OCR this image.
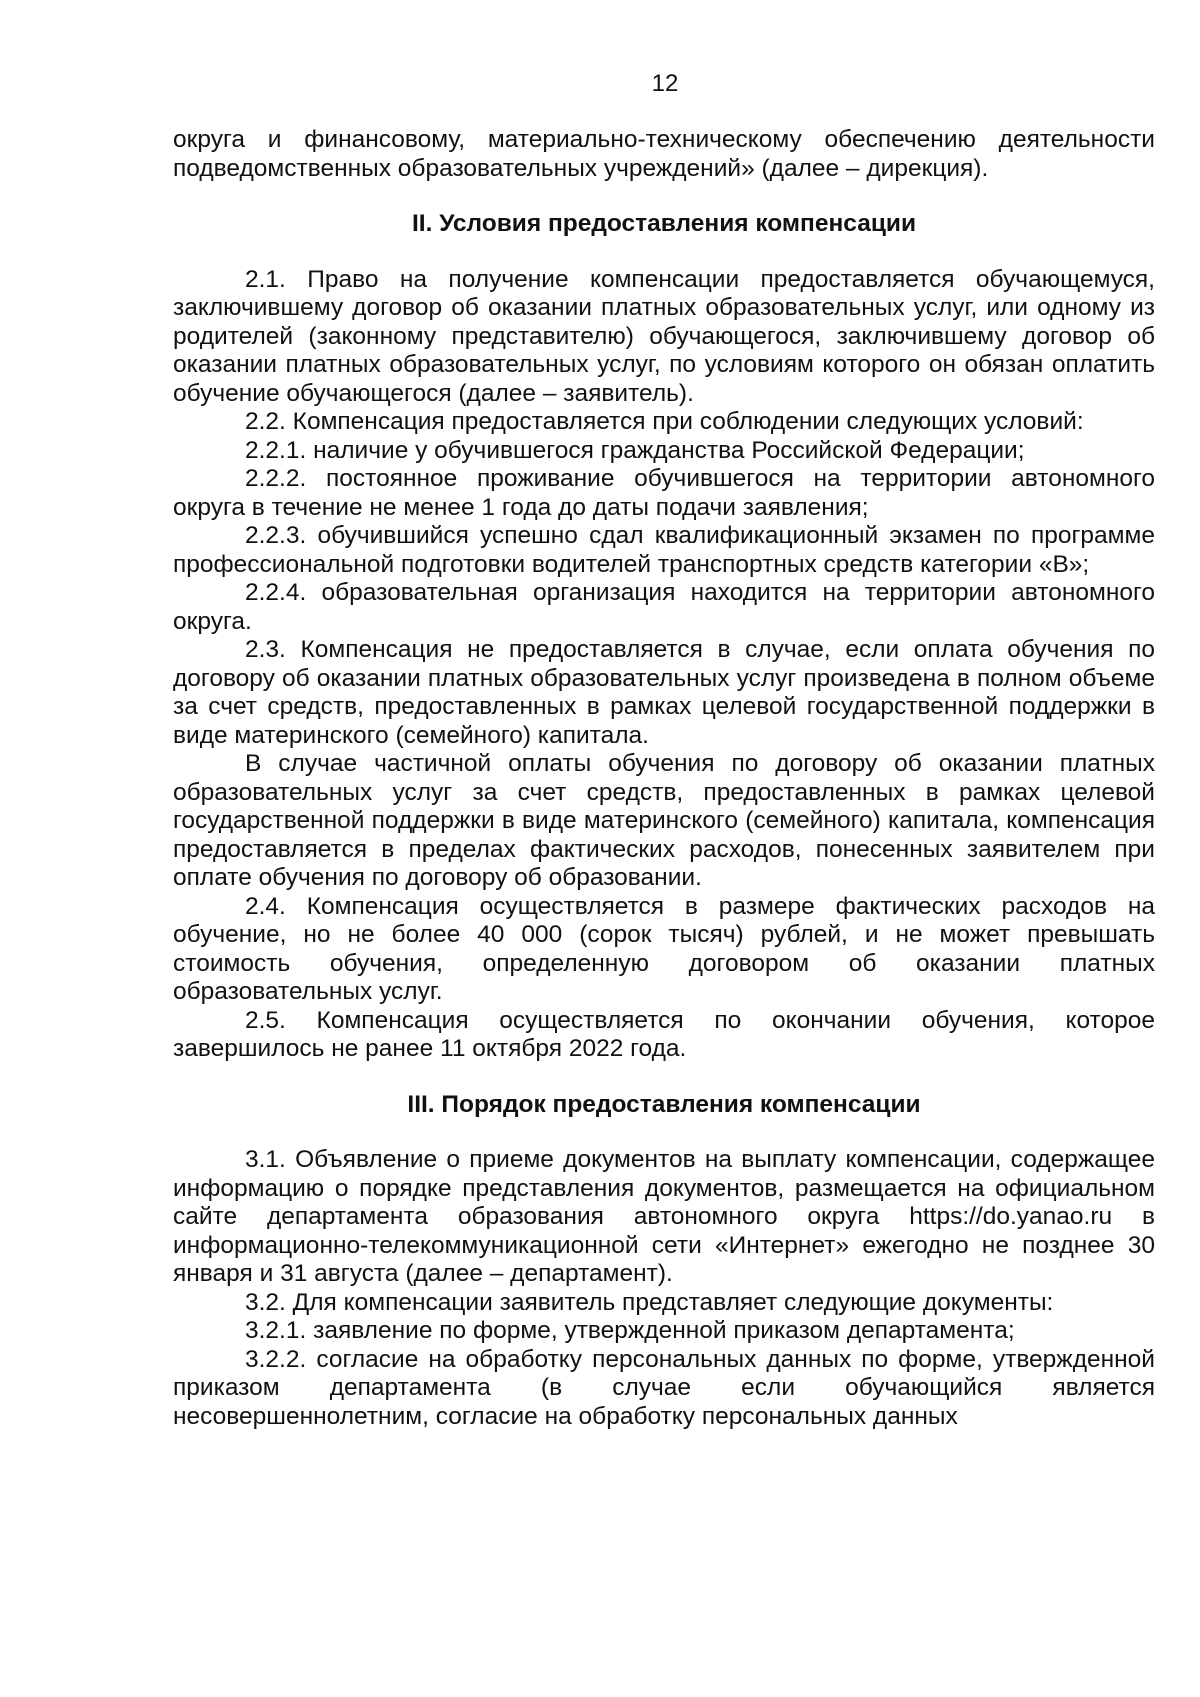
12

округа и финансовому, материально-техническому обеспечению деятельности подведомственных образовательных учреждений» (далее – дирекция).

II. Условия предоставления компенсации

2.1. Право на получение компенсации предоставляется обучающемуся, заключившему договор об оказании платных образовательных услуг, или одному из родителей (законному представителю) обучающегося, заключившему договор об оказании платных образовательных услуг, по условиям которого он обязан оплатить обучение обучающегося (далее – заявитель).

2.2. Компенсация предоставляется при соблюдении следующих условий:

2.2.1. наличие у обучившегося гражданства Российской Федерации;

2.2.2. постоянное проживание обучившегося на территории автономного округа в течение не менее 1 года до даты подачи заявления;

2.2.3. обучившийся успешно сдал квалификационный экзамен по программе профессиональной подготовки водителей транспортных средств категории «В»;

2.2.4. образовательная организация находится на территории автономного округа.

2.3. Компенсация не предоставляется в случае, если оплата обучения по договору об оказании платных образовательных услуг произведена в полном объеме за счет средств, предоставленных в рамках целевой государственной поддержки в виде материнского (семейного) капитала.

В случае частичной оплаты обучения по договору об оказании платных образовательных услуг за счет средств, предоставленных в рамках целевой государственной поддержки в виде материнского (семейного) капитала, компенсация предоставляется в пределах фактических расходов, понесенных заявителем при оплате обучения по договору об образовании.

2.4. Компенсация осуществляется в размере фактических расходов на обучение, но не более 40 000 (сорок тысяч) рублей, и не может превышать стоимость обучения, определенную договором об оказании платных образовательных услуг.

2.5. Компенсация осуществляется по окончании обучения, которое завершилось не ранее 11 октября 2022 года.

III. Порядок предоставления компенсации

3.1. Объявление о приеме документов на выплату компенсации, содержащее информацию о порядке представления документов, размещается на официальном сайте департамента образования автономного округа https://do.yanao.ru в информационно-телекоммуникационной сети «Интернет» ежегодно не позднее 30 января и 31 августа (далее – департамент).

3.2. Для компенсации заявитель представляет следующие документы:

3.2.1. заявление по форме, утвержденной приказом департамента;

3.2.2. согласие на обработку персональных данных по форме, утвержденной приказом департамента (в случае если обучающийся является несовершеннолетним, согласие на обработку персональных данных
